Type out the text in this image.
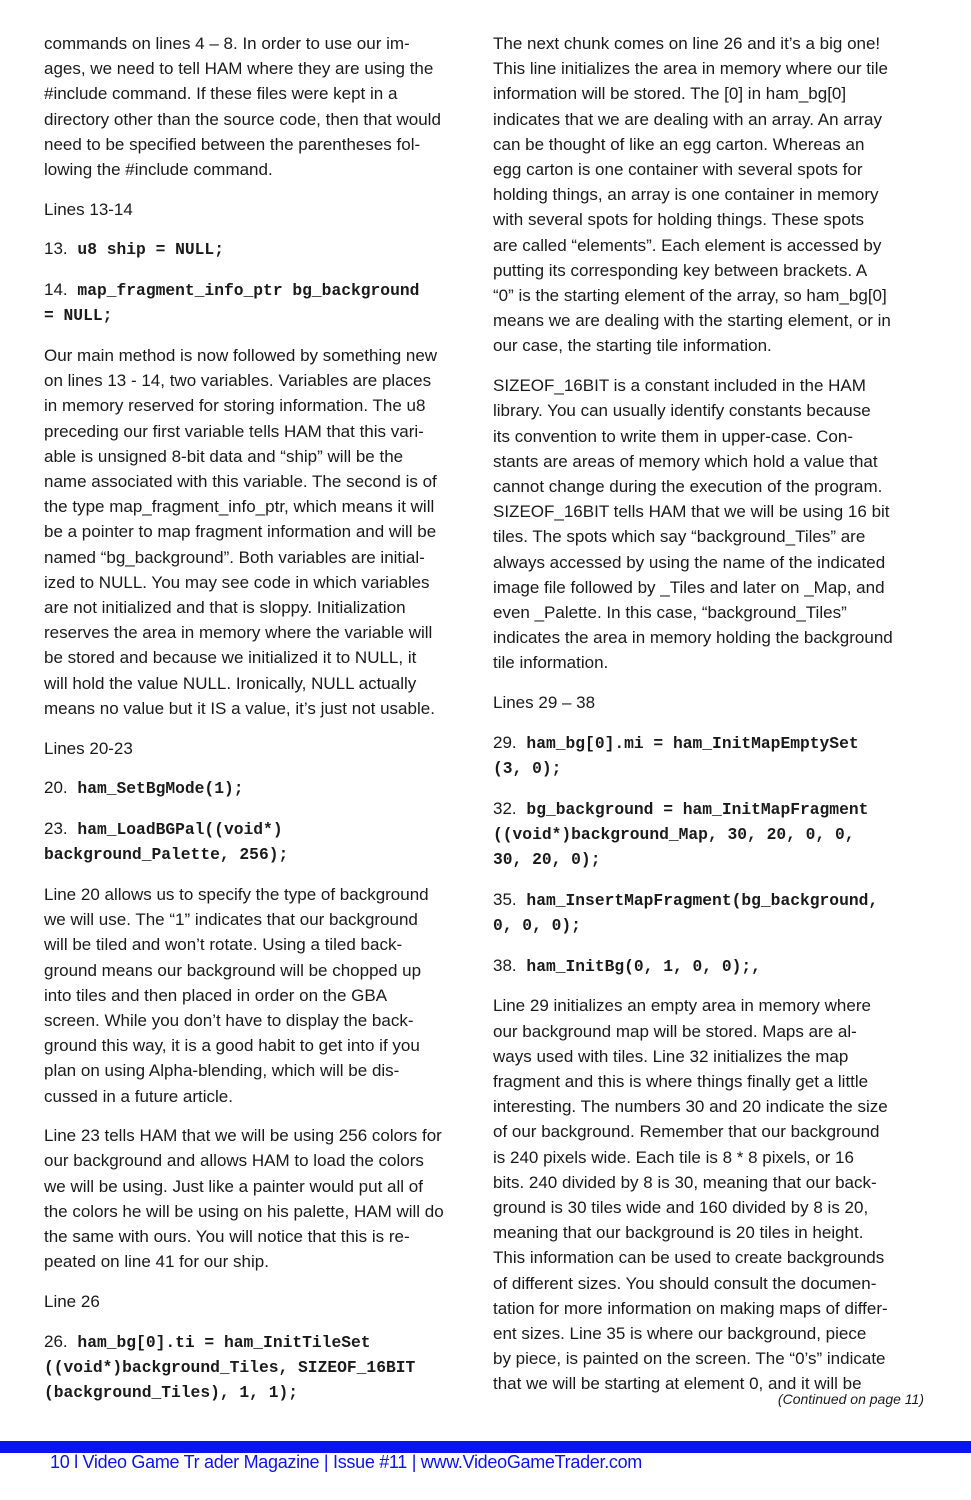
commands on lines 4 – 8. In order to use our im-
ages, we need to tell HAM where they are using the
#include command. If these files were kept in a
directory other than the source code, then that would
need to be specified between the parentheses fol-
lowing the #include command.
Lines 13-14
13. u8 ship = NULL;
14. map_fragment_info_ptr bg_background
= NULL;
Our main method is now followed by something new
on lines 13 - 14, two variables. Variables are places
in memory reserved for storing information. The u8
preceding our first variable tells HAM that this vari-
able is unsigned 8-bit data and “ship” will be the
name associated with this variable. The second is of
the type map_fragment_info_ptr, which means it will
be a pointer to map fragment information and will be
named “bg_background”. Both variables are initial-
ized to NULL. You may see code in which variables
are not initialized and that is sloppy. Initialization
reserves the area in memory where the variable will
be stored and because we initialized it to NULL, it
will hold the value NULL. Ironically, NULL actually
means no value but it IS a value, it’s just not usable.
Lines 20-23
20. ham_SetBgMode(1);
23. ham_LoadBGPal((void*)
background_Palette, 256);
Line 20 allows us to specify the type of background
we will use. The “1” indicates that our background
will be tiled and won’t rotate. Using a tiled back-
ground means our background will be chopped up
into tiles and then placed in order on the GBA
screen. While you don’t have to display the back-
ground this way, it is a good habit to get into if you
plan on using Alpha-blending, which will be dis-
cussed in a future article.
Line 23 tells HAM that we will be using 256 colors for
our background and allows HAM to load the colors
we will be using. Just like a painter would put all of
the colors he will be using on his palette, HAM will do
the same with ours. You will notice that this is re-
peated on line 41 for our ship.
Line 26
26. ham_bg[0].ti = ham_InitTileSet
((void*)background_Tiles, SIZEOF_16BIT
(background_Tiles), 1, 1);
The next chunk comes on line 26 and it’s a big one!
This line initializes the area in memory where our tile
information will be stored. The [0] in ham_bg[0]
indicates that we are dealing with an array. An array
can be thought of like an egg carton. Whereas an
egg carton is one container with several spots for
holding things, an array is one container in memory
with several spots for holding things. These spots
are called “elements”. Each element is accessed by
putting its corresponding key between brackets. A
“0” is the starting element of the array, so ham_bg[0]
means we are dealing with the starting element, or in
our case, the starting tile information.
SIZEOF_16BIT is a constant included in the HAM
library. You can usually identify constants because
its convention to write them in upper-case. Con-
stants are areas of memory which hold a value that
cannot change during the execution of the program.
SIZEOF_16BIT tells HAM that we will be using 16 bit
tiles. The spots which say “background_Tiles” are
always accessed by using the name of the indicated
image file followed by _Tiles and later on _Map, and
even _Palette. In this case, “background_Tiles”
indicates the area in memory holding the background
tile information.
Lines 29 – 38
29. ham_bg[0].mi = ham_InitMapEmptySet
(3, 0);
32. bg_background = ham_InitMapFragment
((void*)background_Map, 30, 20, 0, 0,
30, 20, 0);
35. ham_InsertMapFragment(bg_background,
0, 0, 0);
38. ham_InitBg(0, 1, 0, 0);,
Line 29 initializes an empty area in memory where
our background map will be stored. Maps are al-
ways used with tiles. Line 32 initializes the map
fragment and this is where things finally get a little
interesting. The numbers 30 and 20 indicate the size
of our background. Remember that our background
is 240 pixels wide. Each tile is 8 * 8 pixels, or 16
bits. 240 divided by 8 is 30, meaning that our back-
ground is 30 tiles wide and 160 divided by 8 is 20,
meaning that our background is 20 tiles in height.
This information can be used to create backgrounds
of different sizes. You should consult the documen-
tation for more information on making maps of differ-
ent sizes. Line 35 is where our background, piece
by piece, is painted on the screen. The “0’s” indicate
that we will be starting at element 0, and it will be
(Continued on page 11)
10 l Video Game Tr ader Magazine | Issue #11 | www.VideoGameTrader.com
